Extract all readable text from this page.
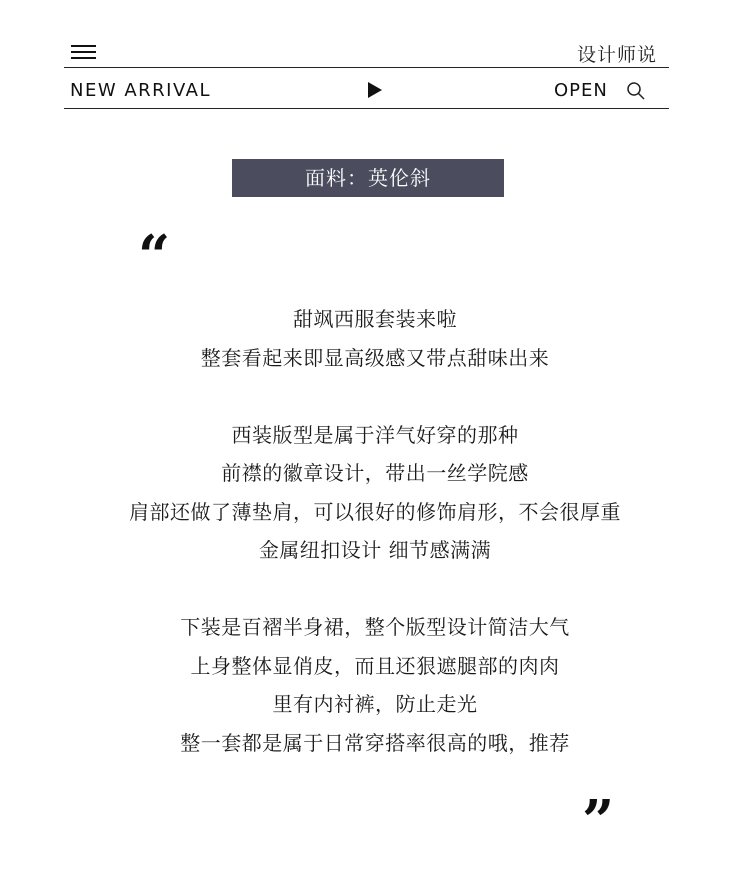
设计师说
NEW ARRIVAL	OPEN
面料：英伦斜
“
甜飒西服套装来啦
整套看起来即显高级感又带点甜味出来
西装版型是属于洋气好穿的那种
前襟的徽章设计，带出一丝学院感
肩部还做了薄垫肩，可以很好的修饰肩形，不会很厚重
金属纽扣设计 细节感满满
下装是百褶半身裙，整个版型设计简洁大气
上身整体显俏皮，而且还狠遮腿部的肉肉
里有内衬裤，防止走光
整一套都是属于日常穿搭率很高的哦，推荐
”
